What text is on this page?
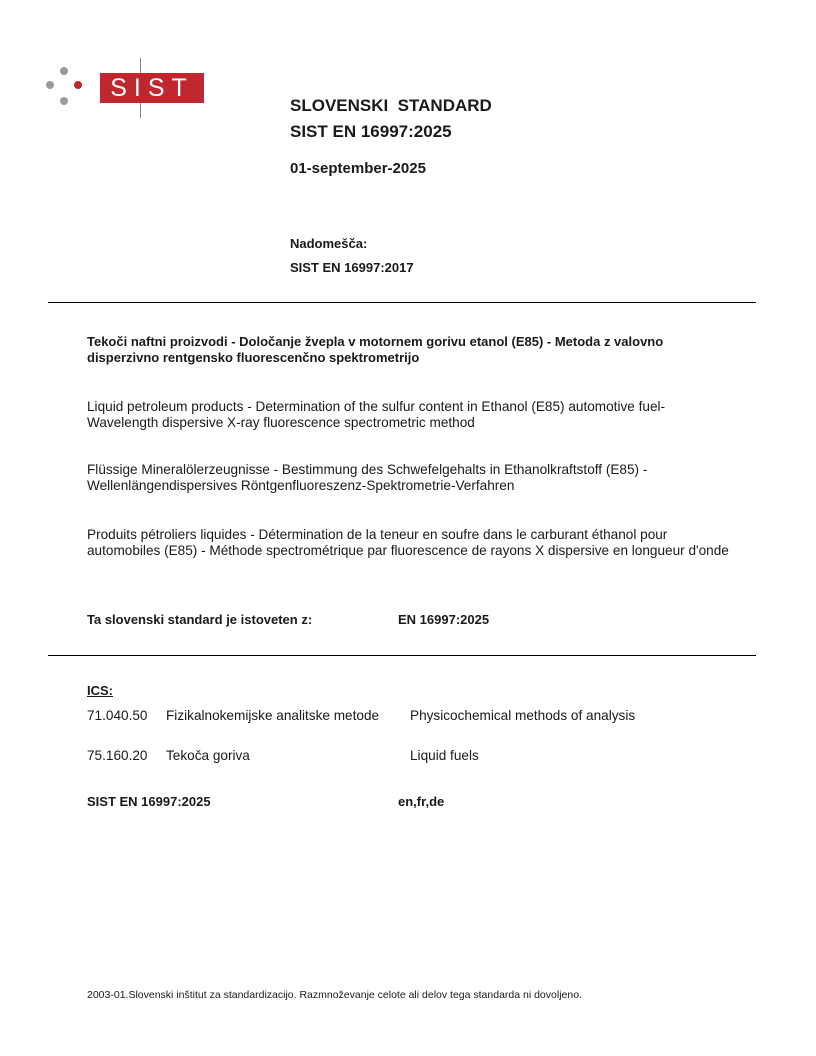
SIST
SLOVENSKI  STANDARD
SIST EN 16997:2025
01-september-2025
Nadomešča:
SIST EN 16997:2017
Tekoči naftni proizvodi - Določanje žvepla v motornem gorivu etanol (E85) - Metoda z valovno disperzivno rentgensko fluorescenčno spektrometrijo
Liquid petroleum products - Determination of the sulfur content in Ethanol (E85) automotive fuel- Wavelength dispersive X-ray fluorescence spectrometric method
Flüssige Mineralölerzeugnisse - Bestimmung des Schwefelgehalts in Ethanolkraftstoff (E85) - Wellenlängendispersives Röntgenfluoreszenz-Spektrometrie-Verfahren
Produits pétroliers liquides - Détermination de la teneur en soufre dans le carburant éthanol pour automobiles (E85) - Méthode spectrométrique par fluorescence de rayons X dispersive en longueur d'onde
Ta slovenski standard je istoveten z:	EN 16997:2025
ICS:
71.040.50 Fizikalnokemijske analitske metode	Physicochemical methods of analysis
75.160.20 Tekoča goriva	Liquid fuels
SIST EN 16997:2025	en,fr,de
2003-01.Slovenski inštitut za standardizacijo. Razmnoževanje celote ali delov tega standarda ni dovoljeno.
